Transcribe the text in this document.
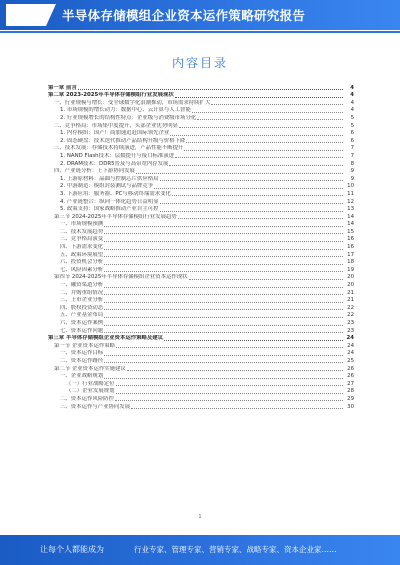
半导体存储模组企业资本运作策略研究报告
内容目录
第一章 前言	4
第二章 2023-2025年半导体存储模组行业发展现状	4
一、行业规模与增长：受全球数字化浪潮推动，市场需求持续扩大	4
1. 市场规模的增长动力：数据中心、云计算与人工智能	4
2. 行业规模增长的结构性特点：企业级与消费级市场分化	5
二、竞争格局：市场集中度提升，头部企业优势明显	5
1. 内存模组：国产厂商加速追赶国际领先企业	6
2. 固态硬盘：技术迭代推动产品结构升级与价格下降	6
三、技术发展：存储技术持续演进，产品性能不断提升	7
1. NAND Flash技术：层数提升与接口标准演进	7
2. DRAM技术：DDR5普及与高带宽内存发展	8
四、产业链分析：上下游协同发展	9
1. 上游原材料：晶圆与控制芯片供应格局	9
2. 中游制造：模组封装测试与品牌竞争	10
3. 下游应用：服务器、PC与移动终端需求变化	11
4. 产业链整合：纵向一体化趋势日益明显	12
5. 政策支持：国家战略推动产业自主可控	13
第三节 2024-2025年半导体存储模组行业发展趋势	14
一、市场规模预测	14
二、技术发展趋势	15
三、竞争格局演变	16
四、下游需求变化	16
五、政策环境展望	17
六、投资机会分析	18
七、风险因素分析	19
第四节 2024-2025年半导体存储模组企业资本运作现状	20
一、融资渠道分析	20
二、并购重组情况	21
三、上市企业分析	21
四、股权投资动态	22
五、产业基金布局	22
六、资本运作案例	23
七、资本运作问题	23
第三章 半导体存储模组企业资本运作策略及建议	24
第一节 企业资本运作策略	24
一、资本运作目标	24
二、资本运作路径	25
第二节 企业资本运作实施建议	26
一、企业战略规划	26
（一）行业战略定位	27
（二）企业发展规划	28
二、资本运作风险防控	29
三、资本运作与产业协同发展	30
1
让每个人都能成为	行业专家、管理专家、营销专家、战略专家、资本企业家……
